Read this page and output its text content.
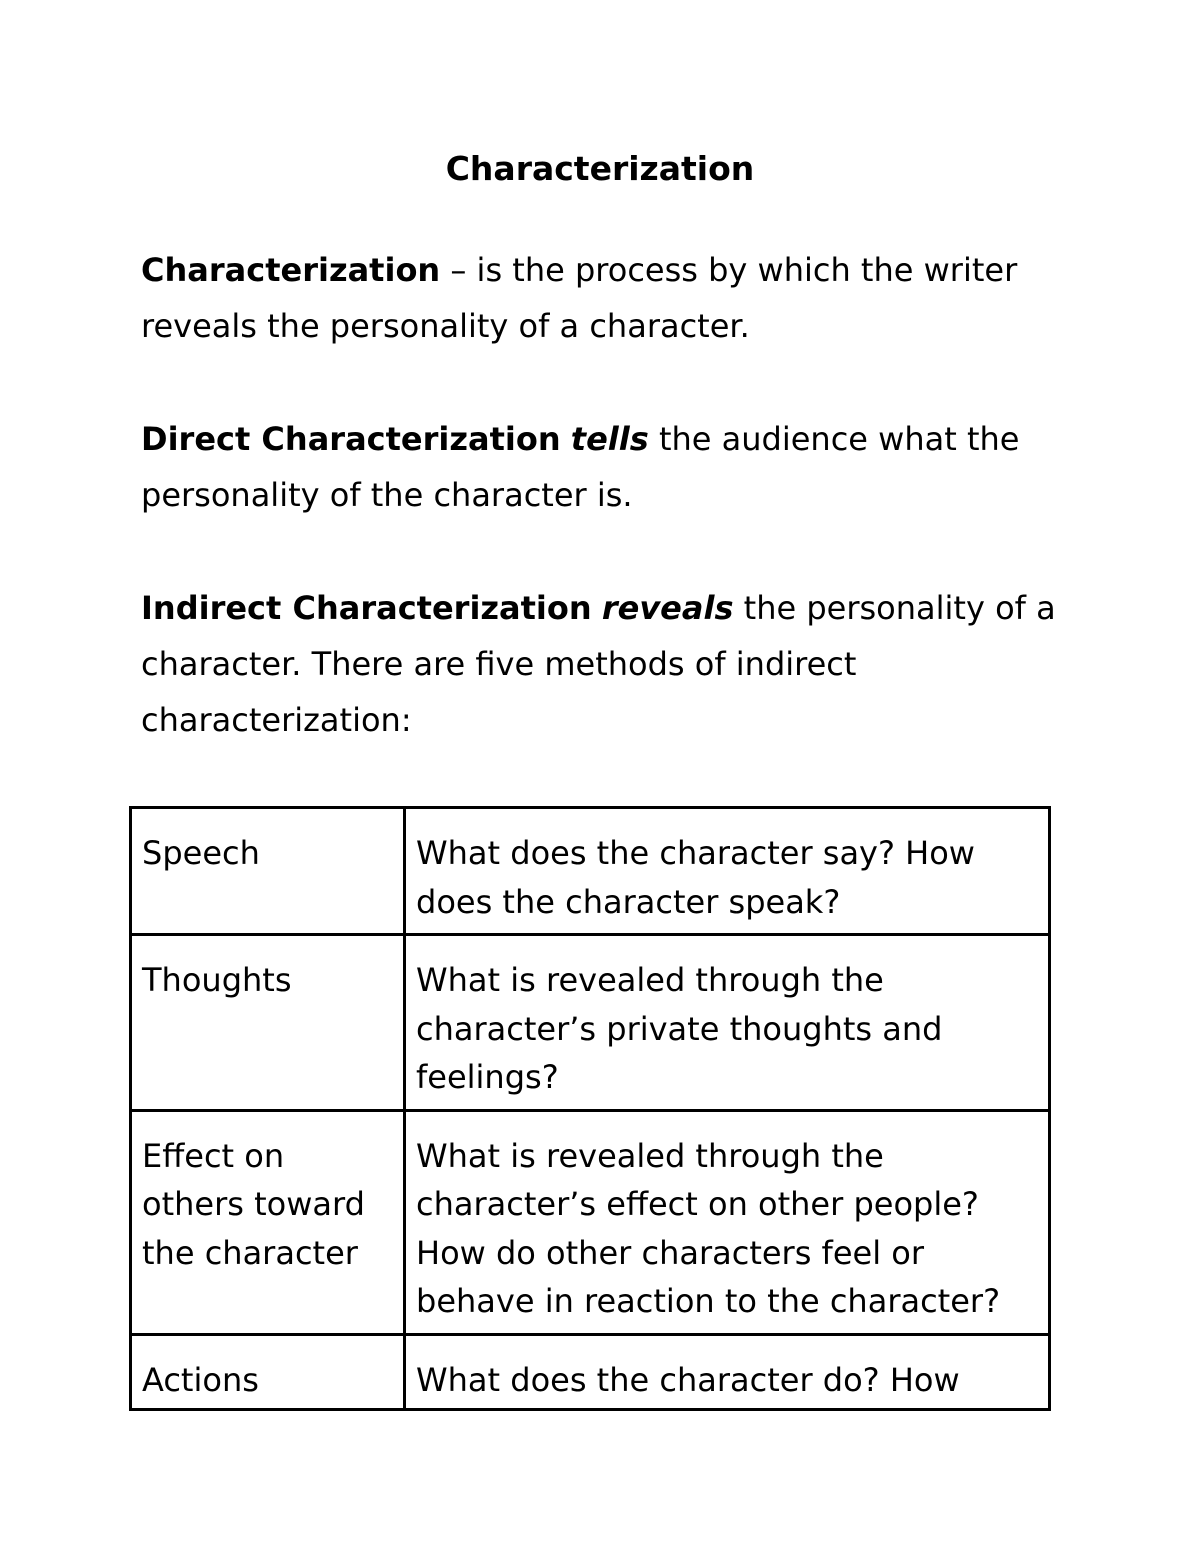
Characterization

Characterization – is the process by which the writer reveals the personality of a character.

Direct Characterization tells the audience what the personality of the character is.

Indirect Characterization reveals the personality of a character. There are five methods of indirect characterization:

Speech	What does the character say? How does the character speak?
Thoughts	What is revealed through the character’s private thoughts and feelings?
Effect on others toward the character	What is revealed through the character’s effect on other people? How do other characters feel or behave in reaction to the character?
Actions	What does the character do? How
